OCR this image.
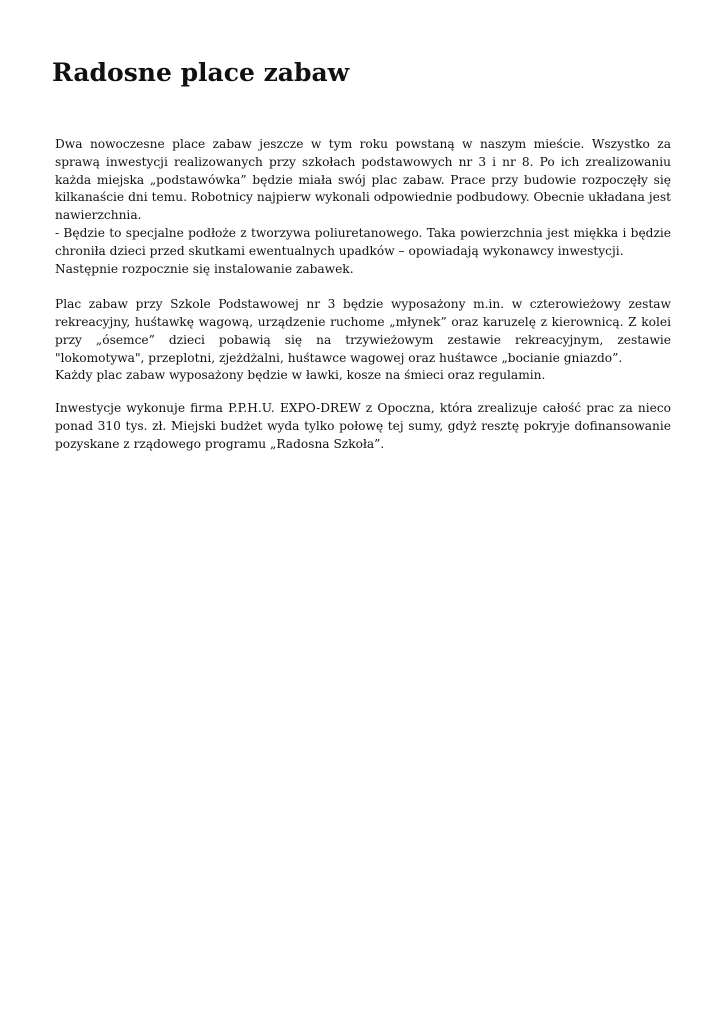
Radosne place zabaw
Dwa nowoczesne place zabaw jeszcze w tym roku powstaną w naszym mieście. Wszystko za sprawą inwestycji realizowanych przy szkołach podstawowych nr 3 i nr 8. Po ich zrealizowaniu każda miejska „podstawówka” będzie miała swój plac zabaw. Prace przy budowie rozpoczęły się kilkanaście dni temu. Robotnicy najpierw wykonali odpowiednie podbudowy. Obecnie układana jest nawierzchnia.
- Będzie to specjalne podłoże z tworzywa poliuretanowego. Taka powierzchnia jest miękka i będzie chroniła dzieci przed skutkami ewentualnych upadków – opowiadają wykonawcy inwestycji.
Następnie rozpocznie się instalowanie zabawek.
Plac zabaw przy Szkole Podstawowej nr 3 będzie wyposażony m.in. w czterowieżowy zestaw rekreacyjny, huśtawkę wagową, urządzenie ruchome „młynek” oraz karuzelę z kierownicą. Z kolei przy „ósemce” dzieci pobawią się na trzywieżowym zestawie rekreacyjnym, zestawie "lokomotywa", przeplotni, zjeżdżalni, huśtawce wagowej oraz huśtawce „bocianie gniazdo”.
Każdy plac zabaw wyposażony będzie w ławki, kosze na śmieci oraz regulamin.
Inwestycje wykonuje firma P.P.H.U. EXPO-DREW z Opoczna, która zrealizuje całość prac za nieco ponad 310 tys. zł. Miejski budżet wyda tylko połowę tej sumy, gdyż resztę pokryje dofinansowanie pozyskane z rządowego programu „Radosna Szkoła”.
